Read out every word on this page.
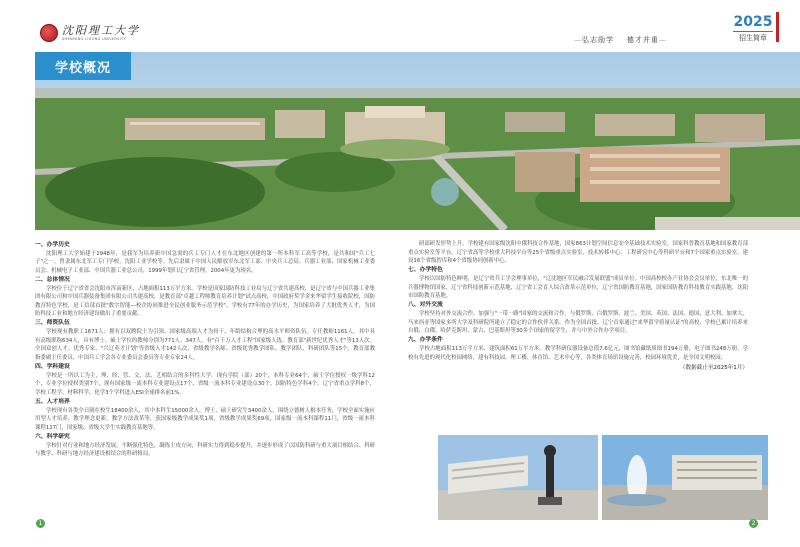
沈阳理工大学
SHENYANG LIGONG UNIVERSITY	—弘志励学 德才并重—
2025
招生简章
学校概况
一、办学历史
沈阳理工大学始建于1948年，是我军为培养新中国急需的兵工专门人才在东北地区创建的第一所本科军工高等学校，是共和国"兵工七子"之一。曾隶属东北军工专门学校，沈阳工业学校等。先后隶属于中国人民解放军东北军工部、中央兵工总局、兵器工业部、国家机械工业委员会、机械电子工业部、中国兵器工业总公司，1999年划归辽宁省管理，2004年更为现名。
二、总体情况
学校位于辽宁省省会沈阳市浑南新区，占地面积113万平方米。学校是国家国防科技工业局与辽宁省共建高校，是辽宁省与中国兵器工业集团有限公司和中国兵器装备集团有限公司共建高校，是教育部"卓越工程师教育培养计划"试点高校，中国政府奖学金来华留学生接收院校，国防教育特色学校，是工信部首批"数字智能—校企协同推进全民创业服务示范学校"。学校有77年的办学历史，为国家培养了大批优秀人才，为国防科技工业和地方经济建设做出了重要贡献。
三、师资队伍
学校现有教职工1671人；拥有以双聘院士为引领、国家级高端人才为骨干、年龄结构合理的高水平师资队伍。专任教师1161人，其中具有高级职称634人，具有博士、硕士学位的教师分别为771人、347人，有"百千万人才工程"国家级人选、教育部"新世纪优秀人才"等13人次。全国双创人才、优秀专家、"兴辽英才计划"等省级人才142人次，省级教学名师、省级优秀教学团队、教学团队、科研团队等15个，教育部教指委副主任委员、中国兵工学会各专业委员会委员等专业专家24人。
四、学科建设
学校是一所以工为主，理、经、管、文、法、艺相结合的多科性大学。现有学院（部）20个，本科专业64个，硕士学位授权一级学科12个，专业学位授权类别7个，现有国家级一流本科专业建设点17个、省级一流本科专业建设点30个，国防特色学科4个，辽宁省重点学科8个，学校工程学、材料科学、化学3个学科进入ESI全球排名前1%。
五、人才培养
学校现有各类全日制在校生18400余人，其中本科生15000余人，博士、硕士研究生3400余人，围绕立德树人根本任务，学校全面实施应用型人才培养，教学理念更新，教学方法改革等，获国家级教学成果奖1项，省级教学成果奖69项，国家级一流本科课程11门，省级一流本科课程117门，国家级、省级大学生实践教育基地等。
六、科学研究
学校针对行业和地方经济发展，不断强化特色，凝练主攻方向，科研实力得到稳步提升，并逐步形成了以国防科研与重大项目相结合、科研与教学、科研与地方经济建设相结合的科研格局。
研部研发形势上升。学校建有国家级沈阳中俄科技合作基地，国家863计划空间信息安全基础技术实验室，国家科普教育基地和国家教育部重点实验室等平台，辽宁省高等学校重大科技平台等25个省级重点实验室，技术转移中心、工程研究中心等科研平台和7个国家重点实验室，建设16个省级智库和4个省级协同创新中心。
七、办学特色
学校以国防特色鲜明，是辽宁省兵工学会理事单位，"辽沈地区军民融合发展联盟"成员单位。中国高校校办产业协会会员单位，东北唯一的兵器博物馆国家，辽宁省科技创新示范基地，辽宁省工会育人综合改革示范单位，辽宁省国防教育基地，国家国防教育科技教育实践基地，沈阳市国防教育基地。
八、对外交流
学校坚持对外交流合作，加强与"一带一路"国家的交流和合作，与俄罗斯、白俄罗斯、波兰、美国、英国、法国、德国、意大利、加拿大、马来西亚等国家多所大学及科研院所建立了稳定的合作伙伴关系。作为全国首批、辽宁首家通过"来华留学质量认证"的高校，学校已累计培养来自俄、白俄、哈萨克斯坦、蒙古、巴基斯坦等30多个国家的留学生，并与中外合作办学项目。
九、办学条件
学校占地面积113万平方米，建筑面积61万平方米。教学科研仪器设备总值7.6亿元，图书馆藏纸质图书194万册，电子图书248万册。学校有先进的现代化校园网络，建有科技园、理工楼、体育馆、艺术中心等，各类体育场馆设施完善，校园环境优美，是全国文明校园。
（数据截止至2025年1月）
1	2
